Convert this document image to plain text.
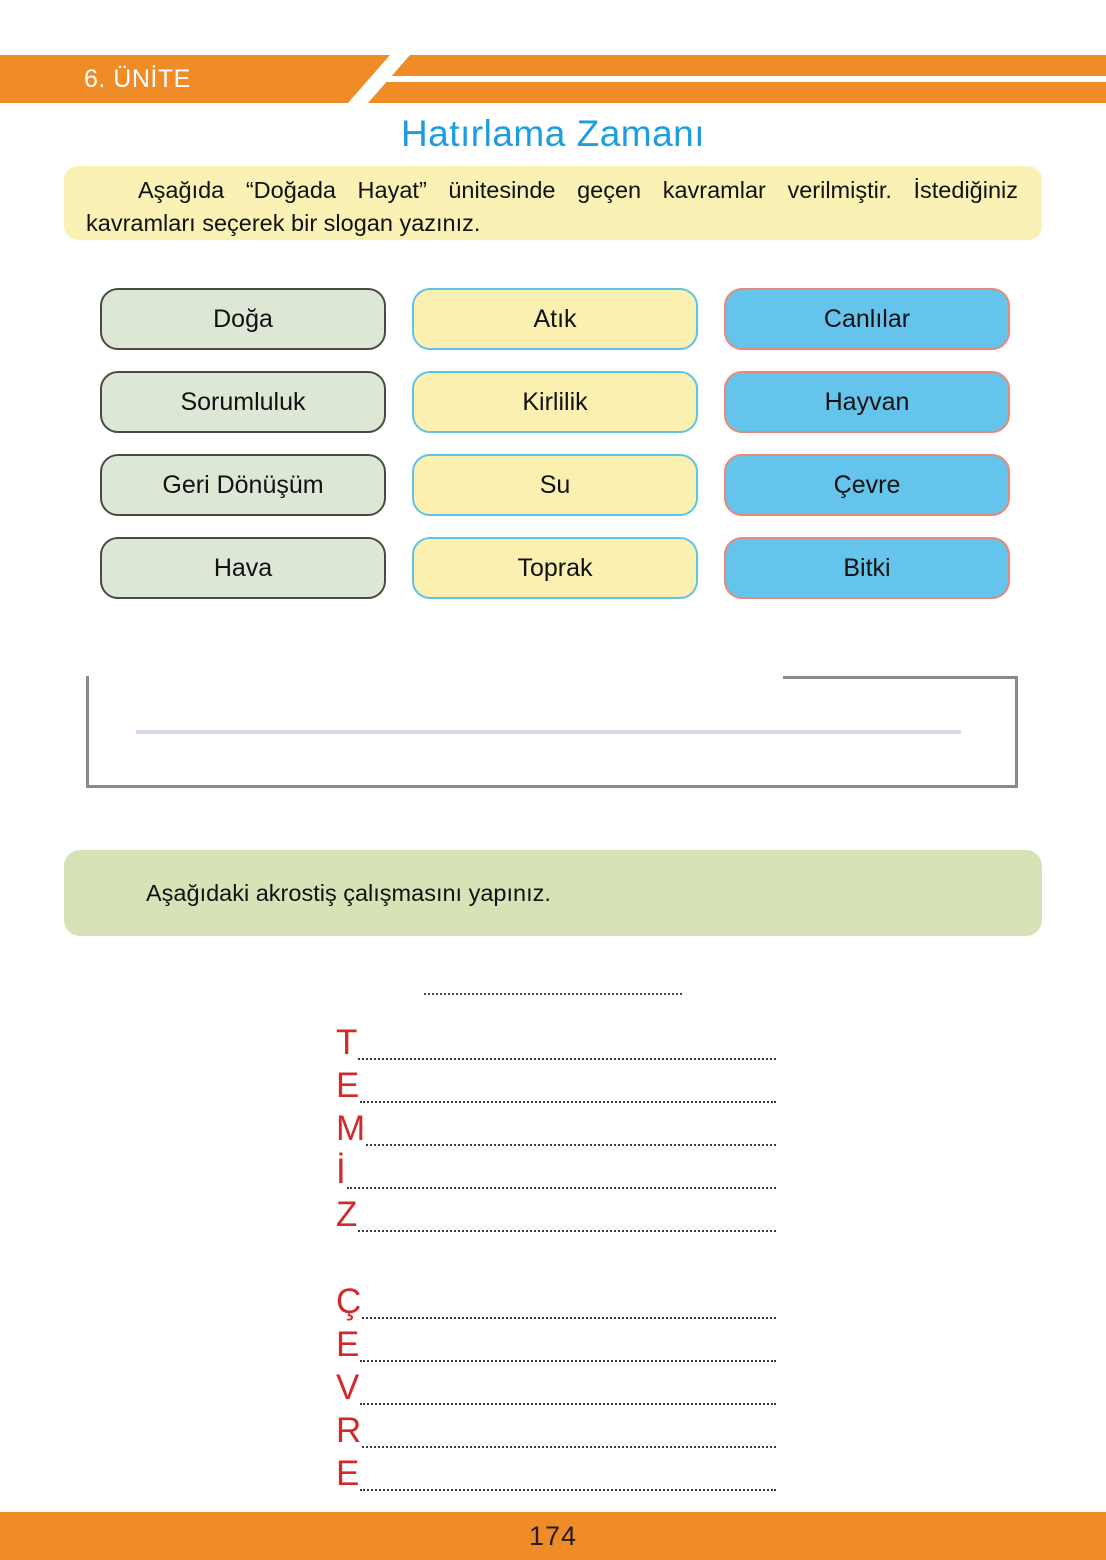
6. ÜNİTE
Hatırlama Zamanı

Aşağıda “Doğada Hayat” ünitesinde geçen kavramlar verilmiştir. İstediğiniz kavramları seçerek bir slogan yazınız.

Doğa	Atık	Canlılar
Sorumluluk	Kirlilik	Hayvan
Geri Dönüşüm	Su	Çevre
Hava	Toprak	Bitki
Aşağıdaki akrostiş çalışmasını yapınız.
T
E
M
İ
Z
Ç
E
V
R
E
174
